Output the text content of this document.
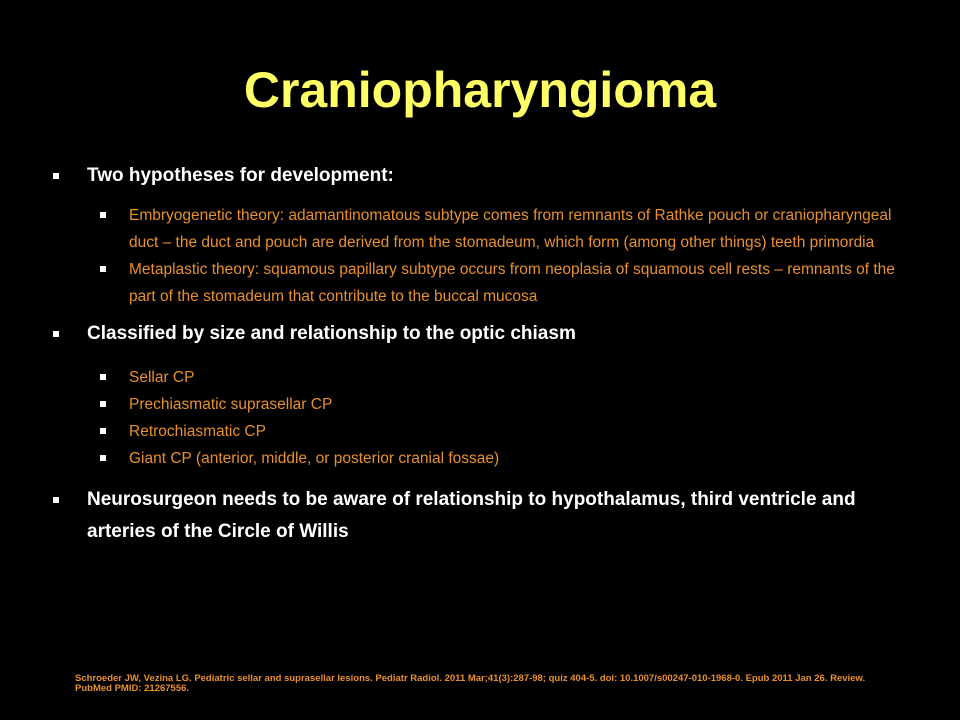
Craniopharyngioma
Two hypotheses for development:
Embryogenetic theory: adamantinomatous subtype comes from remnants of Rathke pouch or craniopharyngeal duct – the duct and pouch are derived from the stomadeum, which form (among other things) teeth primordia
Metaplastic theory: squamous papillary subtype occurs from neoplasia of squamous cell rests – remnants of the part of the stomadeum that contribute to the buccal mucosa
Classified by size and relationship to the optic chiasm
Sellar CP
Prechiasmatic suprasellar CP
Retrochiasmatic CP
Giant CP (anterior, middle, or posterior cranial fossae)
Neurosurgeon needs to be aware of relationship to hypothalamus, third ventricle and arteries of the Circle of Willis
Schroeder JW, Vezina LG. Pediatric sellar and suprasellar lesions. Pediatr Radiol. 2011 Mar;41(3):287-98; quiz 404-5. doi: 10.1007/s00247-010-1968-0. Epub 2011 Jan 26. Review. PubMed PMID: 21267556.
